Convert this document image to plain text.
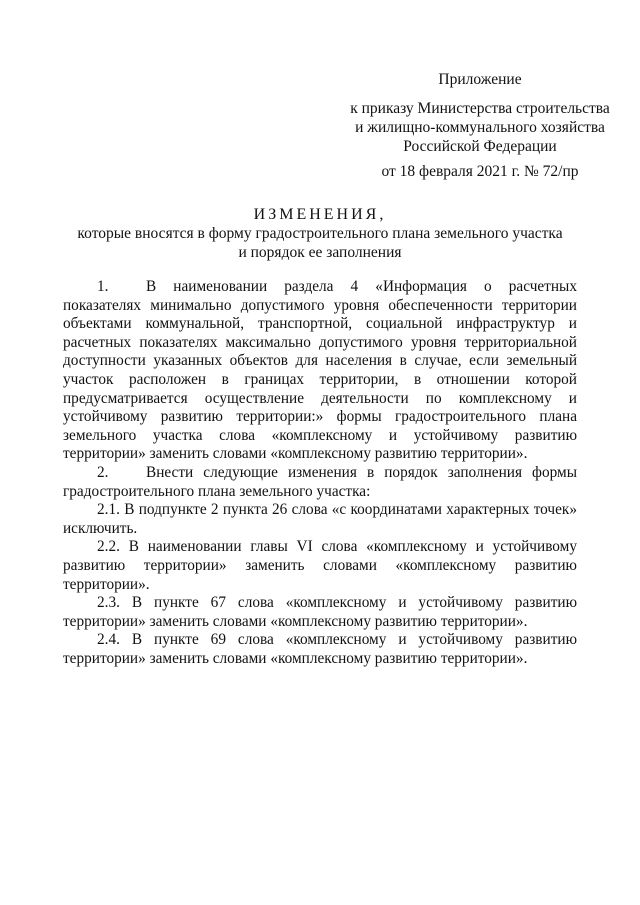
Приложение
к приказу Министерства строительства
и жилищно-коммунального хозяйства
Российской Федерации
от 18 февраля 2021 г. № 72/пр
ИЗМЕНЕНИЯ,
которые вносятся в форму градостроительного плана земельного участка
и порядок ее заполнения

1. В наименовании раздела 4 «Информация о расчетных показателях минимально допустимого уровня обеспеченности территории объектами коммунальной, транспортной, социальной инфраструктур и расчетных показателях максимально допустимого уровня территориальной доступности указанных объектов для населения в случае, если земельный участок расположен в границах территории, в отношении которой предусматривается осуществление деятельности по комплексному и устойчивому развитию территории:» формы градостроительного плана земельного участка слова «комплексному и устойчивому развитию территории» заменить словами «комплексному развитию территории».

2. Внести следующие изменения в порядок заполнения формы градостроительного плана земельного участка:

2.1. В подпункте 2 пункта 26 слова «с координатами характерных точек» исключить.

2.2. В наименовании главы VI слова «комплексному и устойчивому развитию территории» заменить словами «комплексному развитию территории».

2.3. В пункте 67 слова «комплексному и устойчивому развитию территории» заменить словами «комплексному развитию территории».

2.4. В пункте 69 слова «комплексному и устойчивому развитию территории» заменить словами «комплексному развитию территории».
